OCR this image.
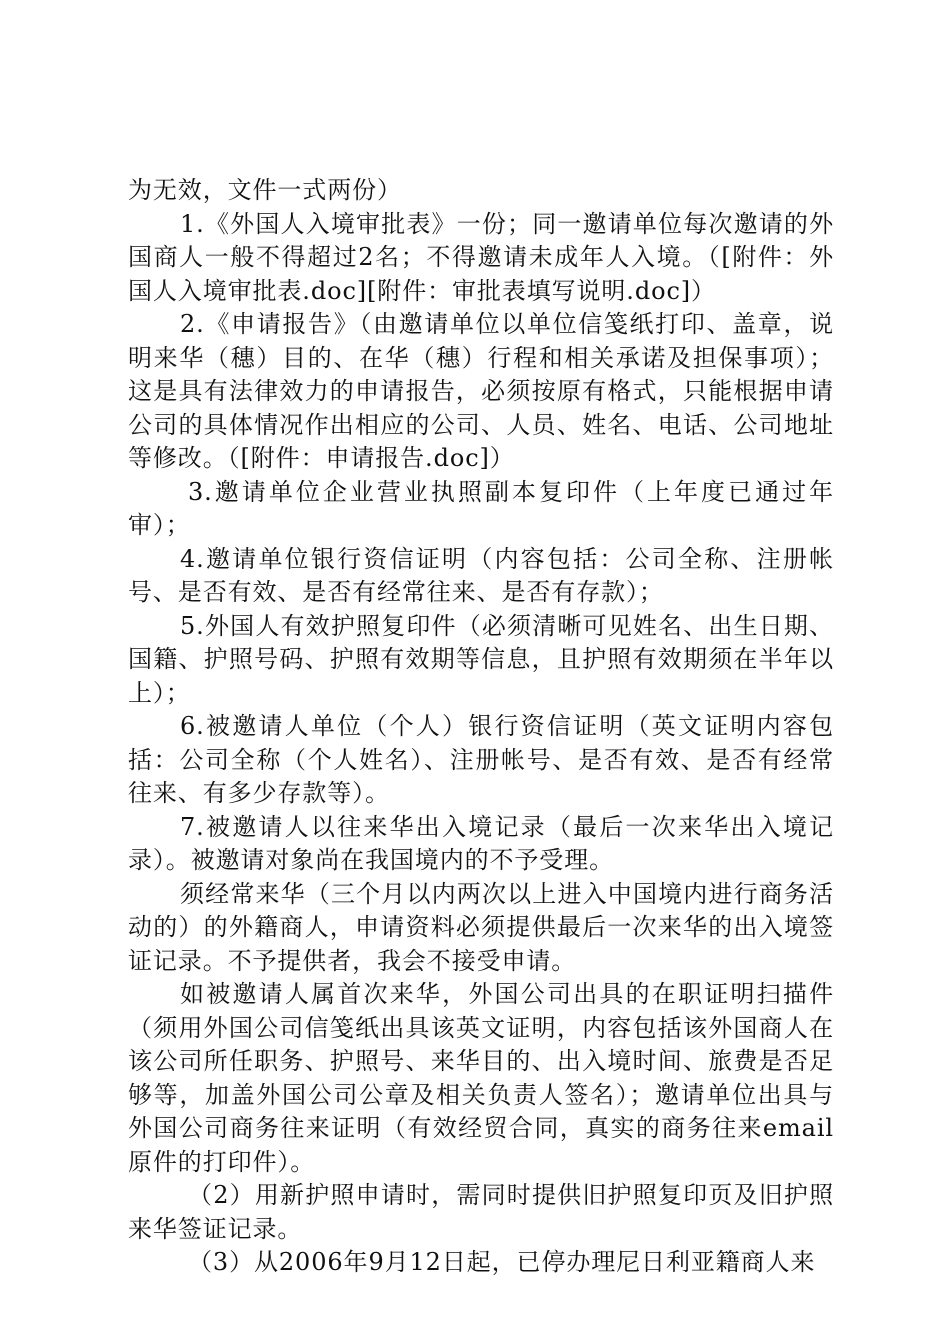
为无效，文件一式两份）

1.《外国人入境审批表》一份；同一邀请单位每次邀请的外国商人一般不得超过2名；不得邀请未成年人入境。（[附件：外国人入境审批表.doc][附件：审批表填写说明.doc]）

2.《申请报告》（由邀请单位以单位信笺纸打印、盖章，说明来华（穗）目的、在华（穗）行程和相关承诺及担保事项）；这是具有法律效力的申请报告，必须按原有格式，只能根据申请公司的具体情况作出相应的公司、人员、姓名、电话、公司地址等修改。（[附件：申请报告.doc]）

3.邀请单位企业营业执照副本复印件（上年度已通过年审）；

4.邀请单位银行资信证明（内容包括：公司全称、注册帐号、是否有效、是否有经常往来、是否有存款）；

5.外国人有效护照复印件（必须清晰可见姓名、出生日期、国籍、护照号码、护照有效期等信息，且护照有效期须在半年以上）；

6.被邀请人单位（个人）银行资信证明（英文证明内容包括：公司全称（个人姓名）、注册帐号、是否有效、是否有经常往来、有多少存款等）。

7.被邀请人以往来华出入境记录（最后一次来华出入境记录）。被邀请对象尚在我国境内的不予受理。

须经常来华（三个月以内两次以上进入中国境内进行商务活动的）的外籍商人，申请资料必须提供最后一次来华的出入境签证记录。不予提供者，我会不接受申请。

如被邀请人属首次来华，外国公司出具的在职证明扫描件（须用外国公司信笺纸出具该英文证明，内容包括该外国商人在该公司所任职务、护照号、来华目的、出入境时间、旅费是否足够等，加盖外国公司公章及相关负责人签名）；邀请单位出具与外国公司商务往来证明（有效经贸合同，真实的商务往来email原件的打印件）。

（2）用新护照申请时，需同时提供旧护照复印页及旧护照来华签证记录。

（3）从2006年9月12日起，已停办理尼日利亚籍商人来
